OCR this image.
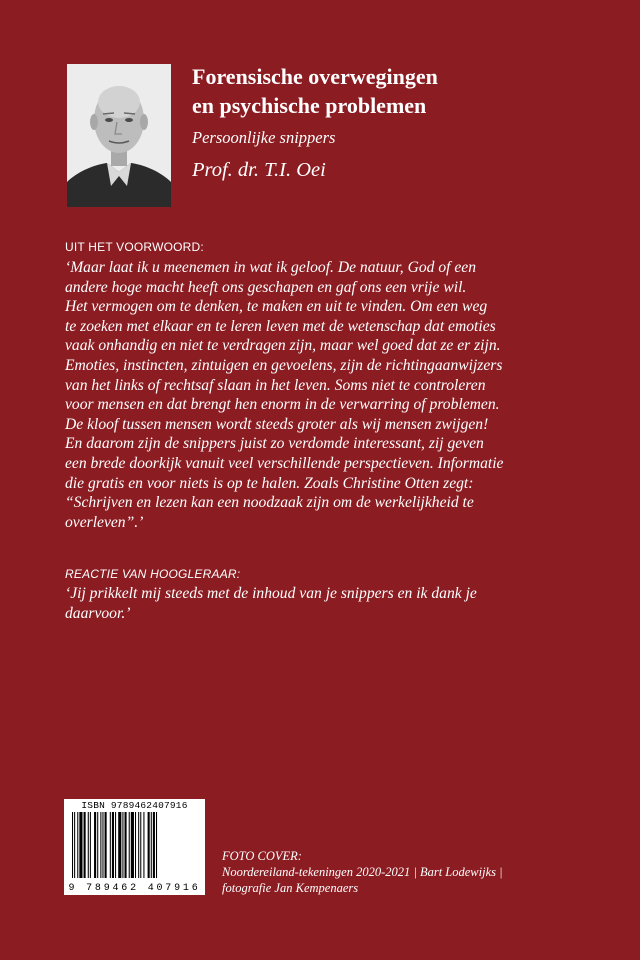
Forensische overwegingen
en psychische problemen

Persoonlijke snippers

Prof. dr. T.I. Oei

UIT HET VOORWOORD:

‘Maar laat ik u meenemen in wat ik geloof. De natuur, God of een
andere hoge macht heeft ons geschapen en gaf ons een vrije wil.
Het vermogen om te denken, te maken en uit te vinden. Om een weg
te zoeken met elkaar en te leren leven met de wetenschap dat emoties
vaak onhandig en niet te verdragen zijn, maar wel goed dat ze er zijn.
Emoties, instincten, zintuigen en gevoelens, zijn de richtingaanwijzers
van het links of rechtsaf slaan in het leven. Soms niet te controleren
voor mensen en dat brengt hen enorm in de verwarring of problemen.
De kloof tussen mensen wordt steeds groter als wij mensen zwijgen!
En daarom zijn de snippers juist zo verdomde interessant, zij geven
een brede doorkijk vanuit veel verschillende perspectieven. Informatie
die gratis en voor niets is op te halen. Zoals Christine Otten zegt:
“Schrijven en lezen kan een noodzaak zijn om de werkelijkheid te
overleven”.’

REACTIE VAN HOOGLERAAR:

‘Jij prikkelt mij steeds met de inhoud van je snippers en ik dank je
daarvoor.’

ISBN 9789462407916
9 789462 407916
FOTO COVER:
Noordereiland-tekeningen 2020-2021 | Bart Lodewijks |
fotografie Jan Kempenaers
